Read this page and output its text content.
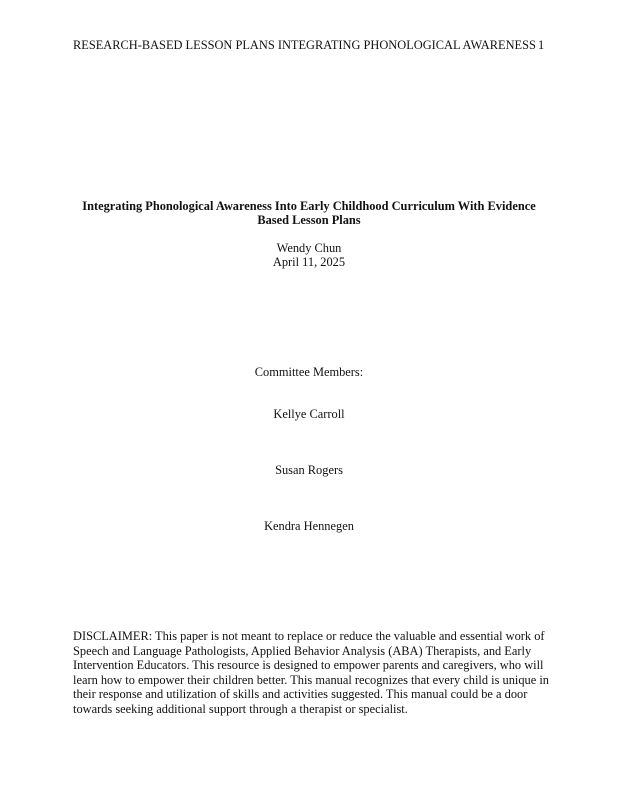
RESEARCH-BASED LESSON PLANS INTEGRATING PHONOLOGICAL AWARENESS 1
Integrating Phonological Awareness Into Early Childhood Curriculum With Evidence
Based Lesson Plans
Wendy Chun
April 11, 2025
Committee Members:
Kellye Carroll
Susan Rogers
Kendra Hennegen
DISCLAIMER: This paper is not meant to replace or reduce the valuable and essential work of
Speech and Language Pathologists, Applied Behavior Analysis (ABA) Therapists, and Early
Intervention Educators. This resource is designed to empower parents and caregivers, who will
learn how to empower their children better. This manual recognizes that every child is unique in
their response and utilization of skills and activities suggested. This manual could be a door
towards seeking additional support through a therapist or specialist.
